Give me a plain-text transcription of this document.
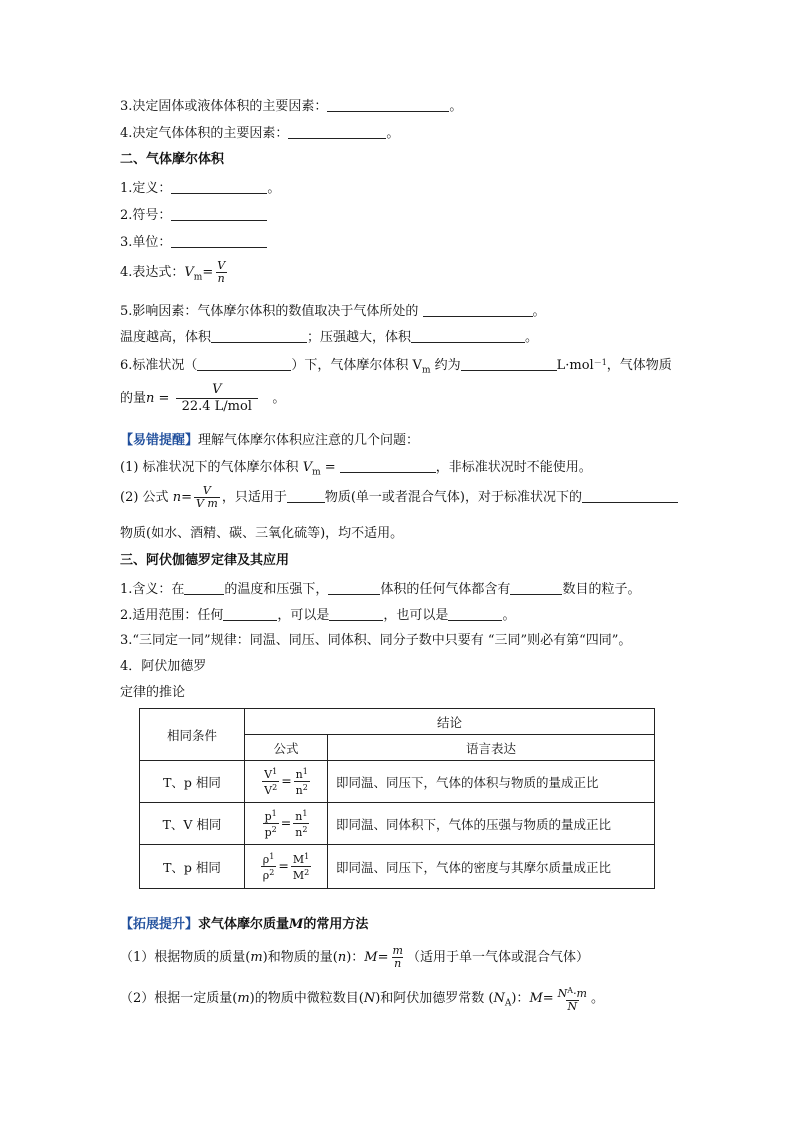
3.决定固体或液体体积的主要因素：	。
4.决定气体体积的主要因素：	。
二、气体摩尔体积
1.定义：	。
2.符号：
3.单位：
4.表达式：$V_m= \frac{V}{n}$
5.影响因素：气体摩尔体积的数值取决于气体所处的	。
温度越高，体积	；压强越大，体积	。
6.标准状况（	）下，气体摩尔体积 $V_m$ 约为	L·mol$^{-1}$，气体物质
的量$n = \frac{V}{\text{22.4 L/mol}}$ 。
【易错提醒】理解气体摩尔体积应注意的几个问题：
(1) 标准状况下的气体摩尔体积 $V_m$ =	，非标准状况时不能使用。
(2) 公式 $n= \frac{V}{\text{V m}}$ ，只适用于	物质(单一或者混合气体)，对于标准状况下的
物质(如水、酒精、碳、三氧化硫等)，均不适用。
三、阿伏伽德罗定律及其应用
1.含义：在	的温度和压强下，	体积的任何气体都含有	数目的粒子。
2.适用范围：任何	，可以是	，也可以是	。
3.“三同定一同”规律：同温、同压、同体积、同分子数中只要有 “三同”则必有第“四同”。
4．阿伏加德罗
定律的推论
相同条件	结论	
	公式	语言表达
T、p 相同	$\frac{V^1}{V^2} = \frac{n^1}{n^2}$	即同温、同压下，气体的体积与物质的量成正比
T、V 相同	$\frac{p^1}{p^2} = \frac{n^1}{n^2}$	即同温、同体积下，气体的压强与物质的量成正比
T、p 相同	$\frac{\rho^1}{\rho^2} = \frac{M^1}{M^2}$	即同温、同压下，气体的密度与其摩尔质量成正比
【拓展提升】求气体摩尔质量M的常用方法
（1）根据物质的质量(m)和物质的量(n)：$M= \frac{m}{n}$ （适用于单一气体或混合气体）
（2）根据一定质量(m)的物质中微粒数目(N)和阿伏加德罗常数 $(N_A)$：$M= \frac{N^A\cdot m}{N}$ 。
